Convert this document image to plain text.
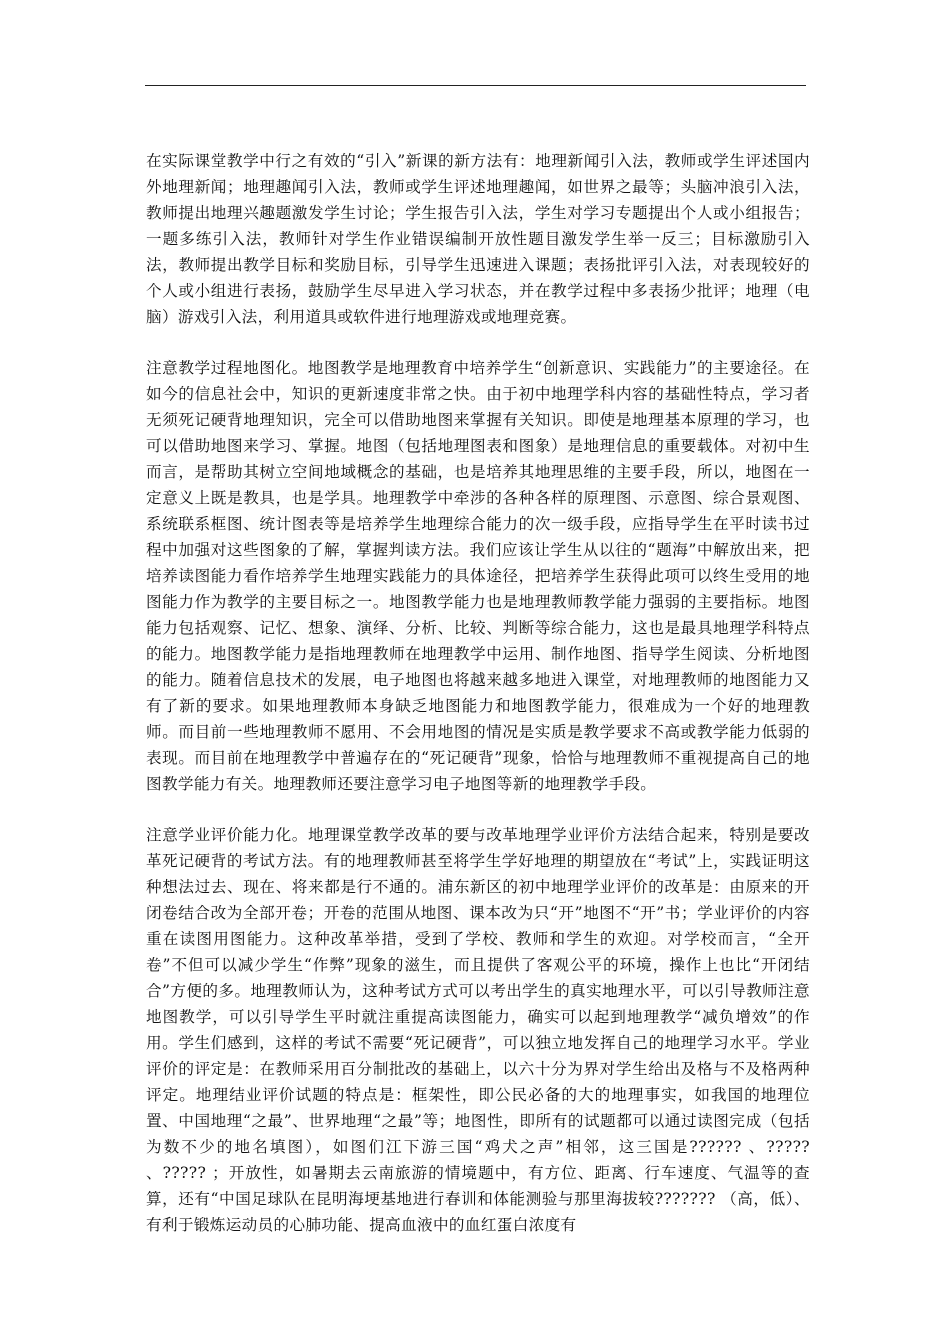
在实际课堂教学中行之有效的“引入”新课的新方法有：地理新闻引入法，教师或学生评述国内外地理新闻；地理趣闻引入法，教师或学生评述地理趣闻，如世界之最等；头脑冲浪引入法，教师提出地理兴趣题激发学生讨论；学生报告引入法，学生对学习专题提出个人或小组报告；一题多练引入法，教师针对学生作业错误编制开放性题目激发学生举一反三；目标激励引入法，教师提出教学目标和奖励目标，引导学生迅速进入课题；表扬批评引入法，对表现较好的个人或小组进行表扬，鼓励学生尽早进入学习状态，并在教学过程中多表扬少批评；地理（电脑）游戏引入法，利用道具或软件进行地理游戏或地理竞赛。

注意教学过程地图化。地图教学是地理教育中培养学生“创新意识、实践能力”的主要途径。在如今的信息社会中，知识的更新速度非常之快。由于初中地理学科内容的基础性特点，学习者无须死记硬背地理知识，完全可以借助地图来掌握有关知识。即使是地理基本原理的学习，也可以借助地图来学习、掌握。地图（包括地理图表和图象）是地理信息的重要载体。对初中生而言，是帮助其树立空间地域概念的基础，也是培养其地理思维的主要手段，所以，地图在一定意义上既是教具，也是学具。地理教学中牵涉的各种各样的原理图、示意图、综合景观图、系统联系框图、统计图表等是培养学生地理综合能力的次一级手段，应指导学生在平时读书过程中加强对这些图象的了解，掌握判读方法。我们应该让学生从以往的“题海”中解放出来，把培养读图能力看作培养学生地理实践能力的具体途径，把培养学生获得此项可以终生受用的地图能力作为教学的主要目标之一。地图教学能力也是地理教师教学能力强弱的主要指标。地图能力包括观察、记忆、想象、演绎、分析、比较、判断等综合能力，这也是最具地理学科特点的能力。地图教学能力是指地理教师在地理教学中运用、制作地图、指导学生阅读、分析地图的能力。随着信息技术的发展，电子地图也将越来越多地进入课堂，对地理教师的地图能力又有了新的要求。如果地理教师本身缺乏地图能力和地图教学能力，很难成为一个好的地理教师。而目前一些地理教师不愿用、不会用地图的情况是实质是教学要求不高或教学能力低弱的表现。而目前在地理教学中普遍存在的“死记硬背”现象，恰恰与地理教师不重视提高自己的地图教学能力有关。地理教师还要注意学习电子地图等新的地理教学手段。

注意学业评价能力化。地理课堂教学改革的要与改革地理学业评价方法结合起来，特别是要改革死记硬背的考试方法。有的地理教师甚至将学生学好地理的期望放在“考试”上，实践证明这种想法过去、现在、将来都是行不通的。浦东新区的初中地理学业评价的改革是：由原来的开闭卷结合改为全部开卷；开卷的范围从地图、课本改为只“开”地图不“开”书；学业评价的内容重在读图用图能力。这种改革举措，受到了学校、教师和学生的欢迎。对学校而言，“全开卷”不但可以减少学生“作弊”现象的滋生，而且提供了客观公平的环境，操作上也比“开闭结合”方便的多。地理教师认为，这种考试方式可以考出学生的真实地理水平，可以引导教师注意地图教学，可以引导学生平时就注重提高读图能力，确实可以起到地理教学“减负增效”的作用。学生们感到，这样的考试不需要“死记硬背”，可以独立地发挥自己的地理学习水平。学业评价的评定是：在教师采用百分制批改的基础上，以六十分为界对学生给出及格与不及格两种评定。地理结业评价试题的特点是：框架性，即公民必备的大的地理事实，如我国的地理位置、中国地理“之最”、世界地理“之最”等；地图性，即所有的试题都可以通过读图完成（包括为数不少的地名填图），如图们江下游三国“鸡犬之声”相邻，这三国是?????? 、????? 、????? ；开放性，如暑期去云南旅游的情境题中，有方位、距离、行车速度、气温等的查算，还有“中国足球队在昆明海埂基地进行春训和体能测验与那里海拔较??????? （高，低）、有利于锻炼运动员的心肺功能、提高血液中的血红蛋白浓度有
